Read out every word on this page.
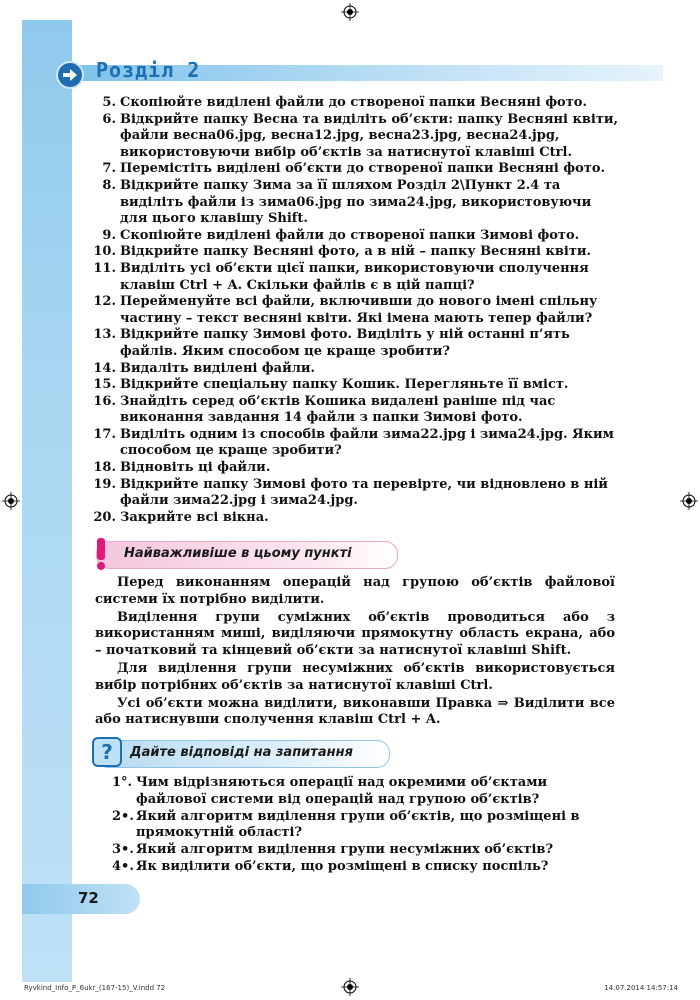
Розділ 2
5. Скопіюйте виділені файли до створеної папки Весняні фото.
6. Відкрийте папку Весна та виділіть об’єкти: папку Весняні квіти, файли весна06.jpg, весна12.jpg, весна23.jpg, весна24.jpg, використовуючи вибір об’єктів за натиснутої клавіші Ctrl.
7. Перемістіть виділені об’єкти до створеної папки Весняні фото.
8. Відкрийте папку Зима за її шляхом Розділ 2\Пункт 2.4 та виділіть файли із зима06.jpg по зима24.jpg, використовуючи для цього клавішу Shift.
9. Скопіюйте виділені файли до створеної папки Зимові фото.
10. Відкрийте папку Весняні фото, а в ній – папку Весняні квіти.
11. Виділіть усі об’єкти цієї папки, використовуючи сполучення клавіш Ctrl + A. Скільки файлів є в цій папці?
12. Перейменуйте всі файли, включивши до нового імені спільну частину – текст весняні квіти. Які імена мають тепер файли?
13. Відкрийте папку Зимові фото. Виділіть у ній останні п’ять файлів. Яким способом це краще зробити?
14. Видаліть виділені файли.
15. Відкрийте спеціальну папку Кошик. Перегляньте її вміст.
16. Знайдіть серед об’єктів Кошика видалені раніше під час виконання завдання 14 файли з папки Зимові фото.
17. Виділіть одним із способів файли зима22.jpg і зима24.jpg. Яким способом це краще зробити?
18. Відновіть ці файли.
19. Відкрийте папку Зимові фото та перевірте, чи відновлено в ній файли зима22.jpg і зима24.jpg.
20. Закрийте всі вікна.
Найважливіше в цьому пункті

Перед виконанням операцій над групою об’єктів файлової системи їх потрібно виділити.

Виділення групи суміжних об’єктів проводиться або з використанням миші, виділяючи прямокутну область екрана, або – початковий та кінцевий об’єкти за натиснутої клавіші Shift.

Для виділення групи несуміжних об’єктів використовується вибір потрібних об’єктів за натиснутої клавіші Ctrl.

Усі об’єкти можна виділити, виконавши Правка ⇒ Виділити все або натиснувши сполучення клавіш Ctrl + A.

?	Дайте відповіді на запитання
1°. Чим відрізняються операції над окремими об’єктами файлової системи від операцій над групою об’єктів?
2•. Який алгоритм виділення групи об’єктів, що розміщені в прямокутній області?
3•. Який алгоритм виділення групи несуміжних об’єктів?
4•. Як виділити об’єкти, що розміщені в списку поспіль?
72
Ryvkind_Info_P_6ukr_(167-15)_V.indd 72	14.07.2014 14:57:14
